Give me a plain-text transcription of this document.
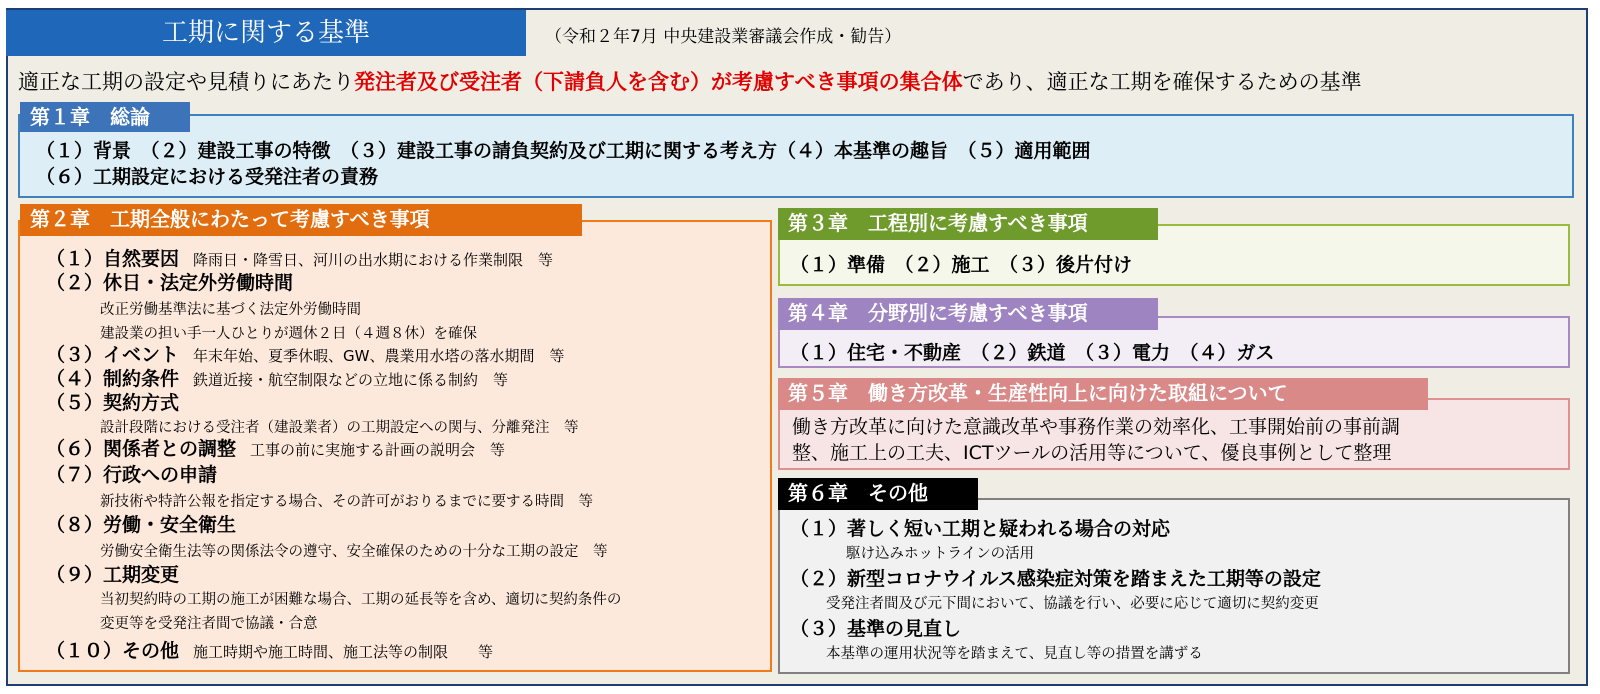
工期に関する基準	（令和２年7月 中央建設業審議会作成・勧告）
適正な工期の設定や見積りにあたり発注者及び受注者（下請負人を含む）が考慮すべき事項の集合体であり、適正な工期を確保するための基準
第１章　総論
（１）背景　（２）建設工事の特徴　（３）建設工事の請負契約及び工期に関する考え方（４）本基準の趣旨　（５）適用範囲
（６）工期設定における受発注者の責務
第２章　工期全般にわたって考慮すべき事項
（１）自然要因 降雨日・降雪日、河川の出水期における作業制限　等
（２）休日・法定外労働時間
改正労働基準法に基づく法定外労働時間
建設業の担い手一人ひとりが週休２日（４週８休）を確保
（３）イベント 年末年始、夏季休暇、GW、農業用水塔の落水期間　等
（４）制約条件 鉄道近接・航空制限などの立地に係る制約　等
（５）契約方式
設計段階における受注者（建設業者）の工期設定への関与、分離発注　等
（６）関係者との調整 工事の前に実施する計画の説明会　等
（７）行政への申請
新技術や特許公報を指定する場合、その許可がおりるまでに要する時間　等
（８）労働・安全衛生
労働安全衛生法等の関係法令の遵守、安全確保のための十分な工期の設定　等
（９）工期変更
当初契約時の工期の施工が困難な場合、工期の延長等を含め、適切に契約条件の
変更等を受発注者間で協議・合意
（１０）その他 施工時期や施工時間、施工法等の制限　　等
第３章　工程別に考慮すべき事項
（１）準備　（２）施工　（３）後片付け
第４章　分野別に考慮すべき事項
（１）住宅・不動産　（２）鉄道　（３）電力　（４）ガス
第５章　働き方改革・生産性向上に向けた取組について
働き方改革に向けた意識改革や事務作業の効率化、工事開始前の事前調
整、施工上の工夫、ICTツールの活用等について、優良事例として整理
第６章　その他
（１）著しく短い工期と疑われる場合の対応
駆け込みホットラインの活用
（２）新型コロナウイルス感染症対策を踏まえた工期等の設定
受発注者間及び元下間において、協議を行い、必要に応じて適切に契約変更
（３）基準の見直し
本基準の運用状況等を踏まえて、見直し等の措置を講ずる
